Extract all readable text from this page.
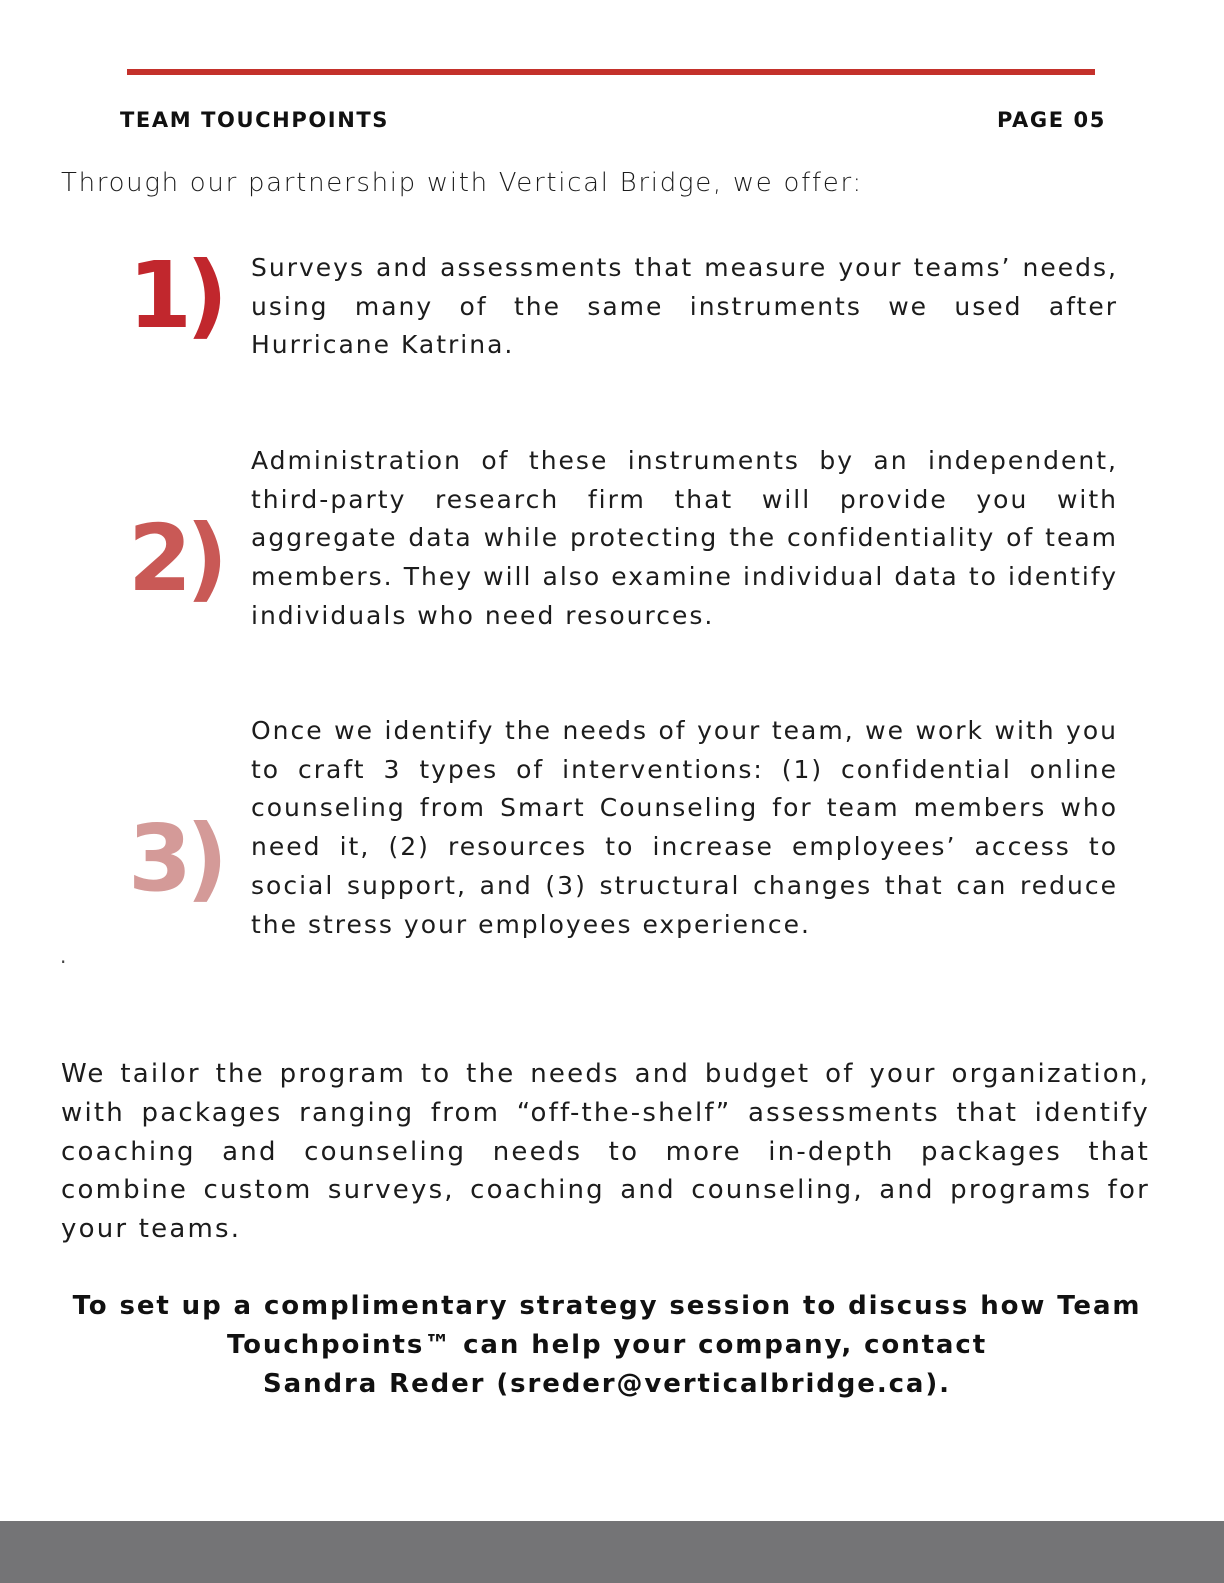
TEAM TOUCHPOINTS	PAGE 05
Through our partnership with Vertical Bridge, we offer:
1) Surveys and assessments that measure your teams’ needs, using many of the same instruments we used after Hurricane Katrina.
2)
Administration of these instruments by an independent, third-party research firm that will provide you with aggregate data while protecting the confidentiality of team members. They will also examine individual data to identify individuals who need resources.
3)
Once we identify the needs of your team, we work with you to craft 3 types of interventions: (1) confidential online counseling from Smart Counseling for team members who need it, (2) resources to increase employees’ access to social support, and (3) structural changes that can reduce the stress your employees experience.
·
We tailor the program to the needs and budget of your organization, with packages ranging from “off-the-shelf” assessments that identify coaching and counseling needs to more in-depth packages that combine custom surveys, coaching and counseling, and programs for your teams.
To set up a complimentary strategy session to discuss how Team
Touchpoints™ can help your company, contact
Sandra Reder (sreder@verticalbridge.ca).
